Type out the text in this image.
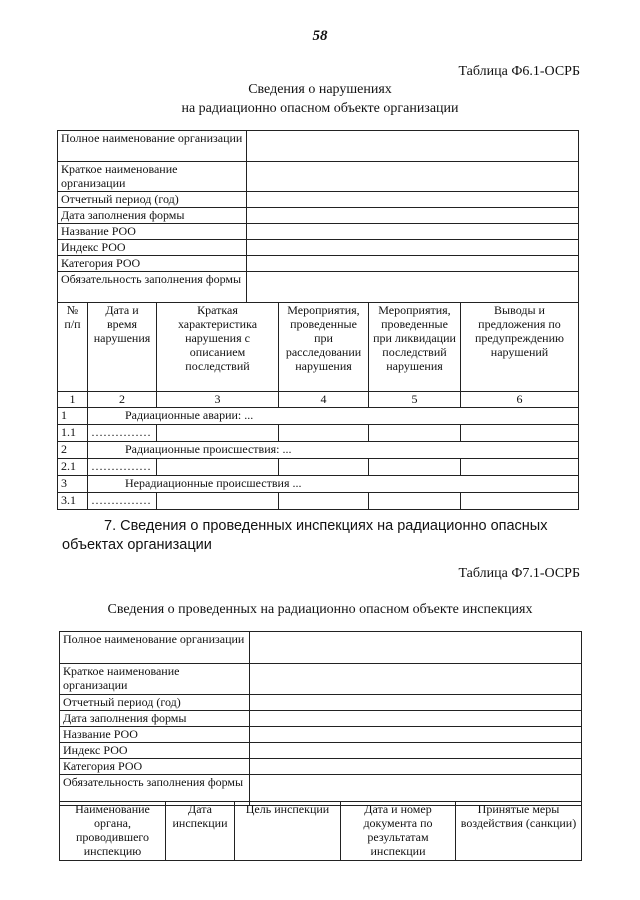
58
Таблица Ф6.1-ОСРБ
Сведения о нарушениях
на радиационно опасном объекте организации
Полное наименование организации	
Краткое наименование организации	
Отчетный период (год)	
Дата заполнения формы	
Название РОО	
Индекс РОО	
Категория РОО	
Обязательность заполнения формы	
№ п/п	Дата и время нарушения	Краткая характеристика нарушения с описанием последствий	Мероприятия, проведенные при расследовании нарушения	Мероприятия, проведенные при ликвидации последствий нарушения	Выводы и предложения по предупреждению нарушений
1	2	3	4	5	6
1	Радиационные аварии: ...				
1.1	……………				
2	Радиационные происшествия: ...				
2.1	……………				
3	Нерадиационные происшествия ...				
3.1	……………				
7. Сведения о проведенных инспекциях на радиационно опасных
объектах организации
Таблица Ф7.1-ОСРБ
Сведения о проведенных на радиационно опасном объекте инспекциях
Полное наименование организации	
Краткое наименование организации	
Отчетный период (год)	
Дата заполнения формы	
Название РОО	
Индекс РОО	
Категория РОО	
Обязательность заполнения формы	
Наименование органа, проводившего инспекцию	Дата инспекции	Цель инспекции	Дата и номер документа по результатам инспекции	Принятые меры воздействия (санкции)
